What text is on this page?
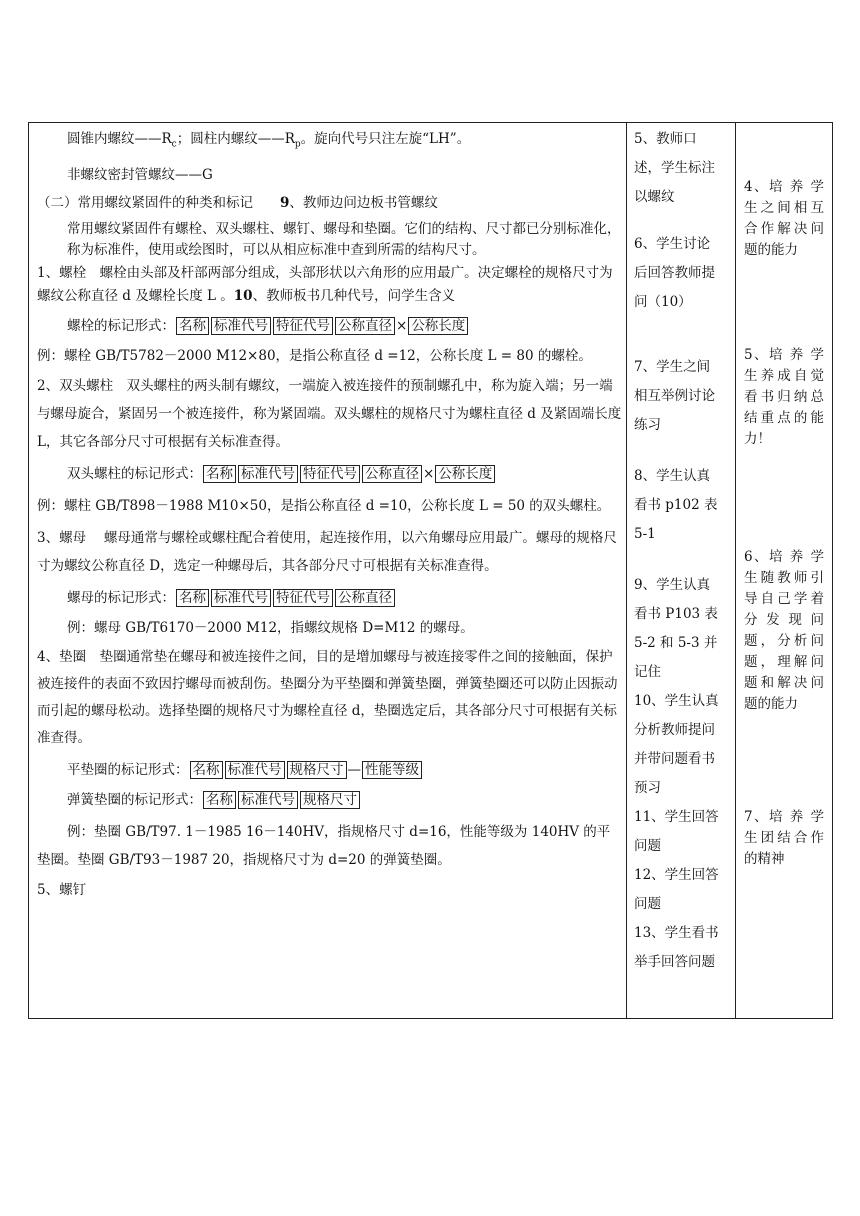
圆锥内螺纹$——R_c$；圆柱内螺纹$——R_p$。旋向代号只注左旋“LH”。
非螺纹密封管螺纹——G
（二）常用螺纹紧固件的种类和标记　　 9、教师边问边板书管螺纹
常用螺纹紧固件有螺栓、双头螺柱、螺钉、螺母和垫圈。它们的结构、尺寸都已分别标准化，称为标准件，使用或绘图时，可以从相应标准中查到所需的结构尺寸。
1、螺栓　螺栓由头部及杆部两部分组成，头部形状以六角形的应用最广。决定螺栓的规格尺寸为螺纹公称直径 d 及螺栓长度 L 。10、教师板书几种代号，问学生含义
螺栓的标记形式： 名称 标准代号 特征代号 公称直径 × 公称长度
例：螺栓 GB/T5782－2000 M12×80，是指公称直径 d =12，公称长度 L = 80 的螺栓。
2、双头螺柱　双头螺柱的两头制有螺纹，一端旋入被连接件的预制螺孔中，称为旋入端；另一端与螺母旋合，紧固另一个被连接件，称为紧固端。双头螺柱的规格尺寸为螺柱直径 d 及紧固端长度 L，其它各部分尺寸可根据有关标准查得。
双头螺柱的标记形式： 名称 标准代号 特征代号 公称直径 × 公称长度
例：螺柱 GB/T898－1988 M10×50，是指公称直径 d =10，公称长度 L = 50 的双头螺柱。
3、螺母　 螺母通常与螺栓或螺柱配合着使用，起连接作用，以六角螺母应用最广。螺母的规格尺寸为螺纹公称直径 D，选定一种螺母后，其各部分尺寸可根据有关标准查得。
螺母的标记形式： 名称 标准代号 特征代号 公称直径
例：螺母 GB/T6170－2000 M12，指螺纹规格 D=M12 的螺母。
4、垫圈　垫圈通常垫在螺母和被连接件之间，目的是增加螺母与被连接零件之间的接触面，保护被连接件的表面不致因拧螺母而被刮伤。垫圈分为平垫圈和弹簧垫圈，弹簧垫圈还可以防止因振动而引起的螺母松动。选择垫圈的规格尺寸为螺栓直径 d，垫圈选定后，其各部分尺寸可根据有关标准查得。
平垫圈的标记形式： 名称 标准代号 规格尺寸 — 性能等级
弹簧垫圈的标记形式： 名称 标准代号 规格尺寸
例：垫圈 GB/T97. 1－1985 16－140HV，指规格尺寸 d=16，性能等级为 140HV 的平垫圈。垫圈 GB/T93－1987 20，指规格尺寸为 d=20 的弹簧垫圈。
5、螺钉
5、教师口
述，学生标注
以螺纹
6、学生讨论
后回答教师提
问（10）
7、学生之间
相互举例讨论
练习
8、学生认真
看书 p102 表
5-1
9、学生认真
看书 P103 表
5-2 和 5-3 并
记住
10、学生认真
分析教师提问
并带问题看书
预习
11、学生回答
问题
12、学生回答
问题
13、学生看书
举手回答问题
4、培 养 学生之间相互合作解决问题的能力
5、培 养 学生养成自觉看书归纳总结重点的能力！
6、培 养 学生随教师引导自己学着分 发 现 问题，分析问题，理解问题和解决问题的能力
7、培 养 学生团结合作的精神
